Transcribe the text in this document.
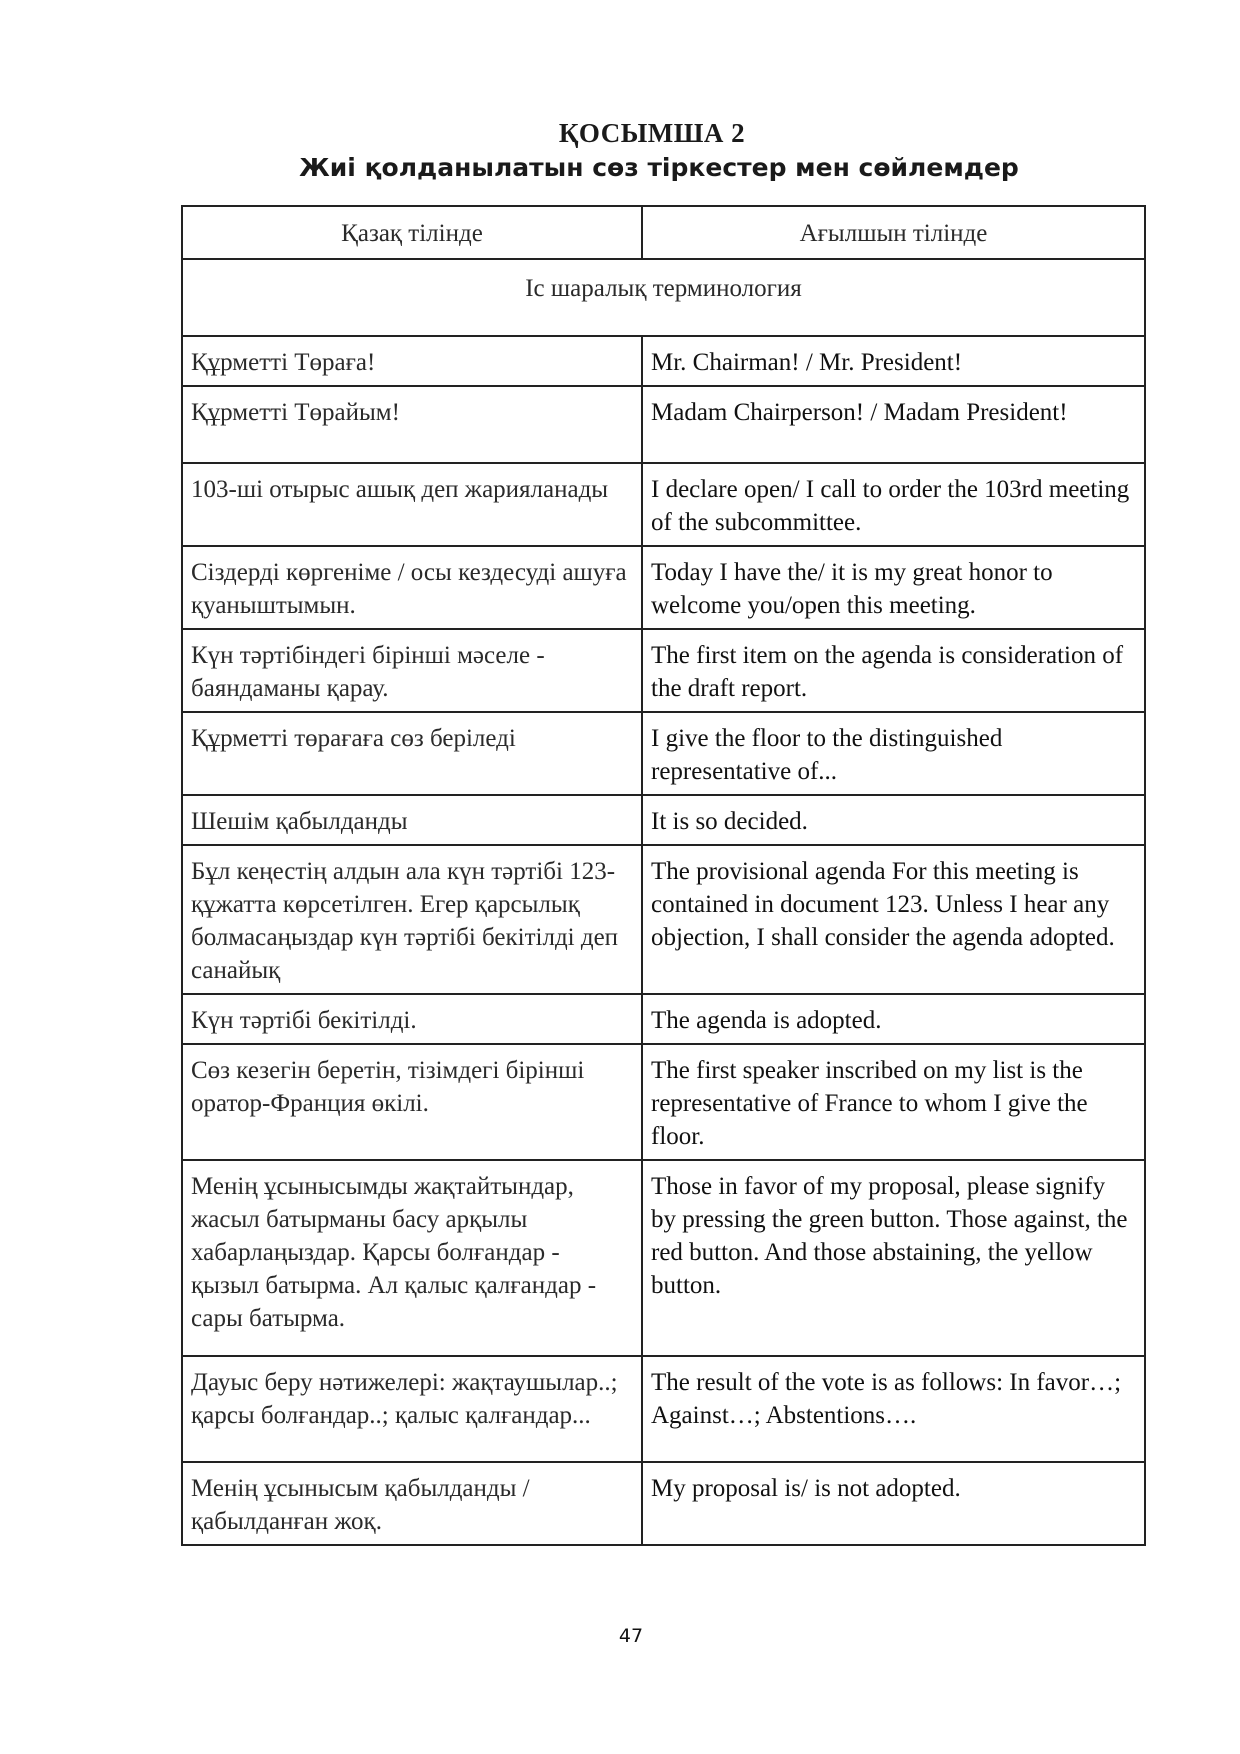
ҚОСЫМША 2
Жиі қолданылатын сөз тіркестер мен сөйлемдер
Қазақ тілінде	Ағылшын тілінде
Іс шаралық терминология	
Құрметті Төраға!	Mr. Chairman! / Mr. President!
Құрметті Төрайым!	Madam Chairperson! / Madam President!
103-ші отырыс ашық деп жарияланады	I declare open/ I call to order the 103rd meeting of the subcommittee.
Сіздерді көргеніме / осы кездесуді ашуға қуаныштымын.	Today I have the/ it is my great honor to welcome you/open this meeting.
Күн тәртібіндегі бірінші мәселе - баяндаманы қарау.	The first item on the agenda is consideration of the draft report.
Құрметті төрағаға сөз беріледі	I give the floor to the distinguished representative of...
Шешім қабылданды	It is so decided.
Бұл кеңестің алдын ала күн тәртібі 123-құжатта көрсетілген. Егер қарсылық болмасаңыздар күн тәртібі бекітілді деп санайық	The provisional agenda For this meeting is contained in document 123. Unless I hear any objection, I shall consider the agenda adopted.
Күн тәртібі бекітілді.	The agenda is adopted.
Сөз кезегін беретін, тізімдегі бірінші оратор-Франция өкілі.	The first speaker inscribed on my list is the representative of France to whom I give the floor.
Менің ұсынысымды жақтайтындар, жасыл батырманы басу арқылы хабарлаңыздар. Қарсы болғандар - қызыл батырма. Ал қалыс қалғандар - сары батырма.	Those in favor of my proposal, please signify by pressing the green button. Those against, the red button. And those abstaining, the yellow button.
Дауыс беру нәтижелері: жақтаушылар..; қарсы болғандар..; қалыс қалғандар...	The result of the vote is as follows: In favor…; Against…; Abstentions….
Менің ұсынысым қабылданды / қабылданған жоқ.	My proposal is/ is not adopted.
47
